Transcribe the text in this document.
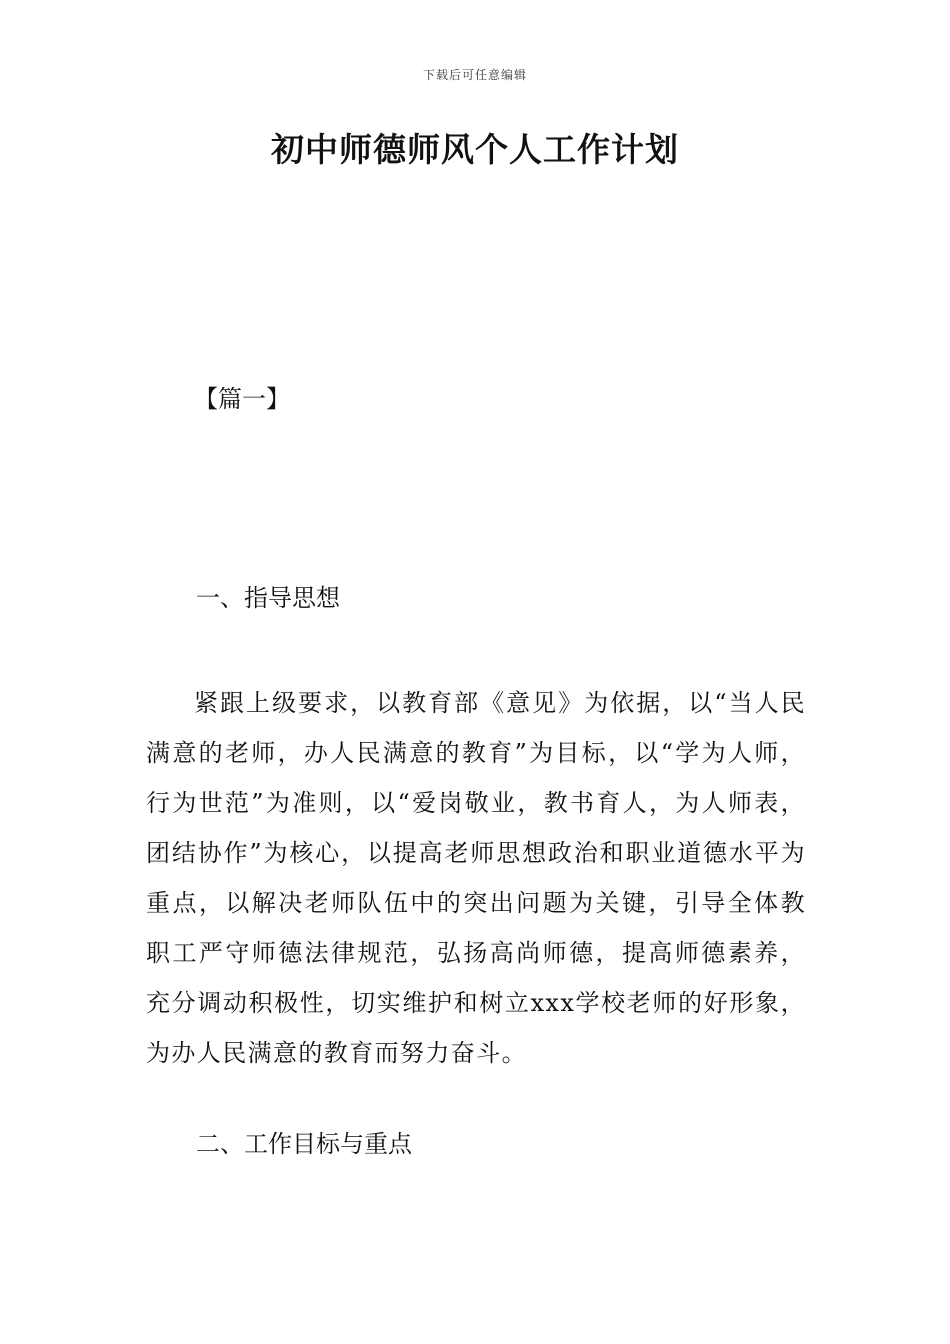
下载后可任意编辑
初中师德师风个人工作计划
【篇一】
一、指导思想

紧跟上级要求，以教育部《意见》为依据，以“当人民满意的老师，办人民满意的教育”为目标，以“学为人师，行为世范”为准则，以“爱岗敬业，教书育人，为人师表，团结协作”为核心，以提高老师思想政治和职业道德水平为重点，以解决老师队伍中的突出问题为关键，引导全体教职工严守师德法律规范，弘扬高尚师德，提高师德素养，充分调动积极性，切实维护和树立xxx学校老师的好形象，为办人民满意的教育而努力奋斗。

二、工作目标与重点
